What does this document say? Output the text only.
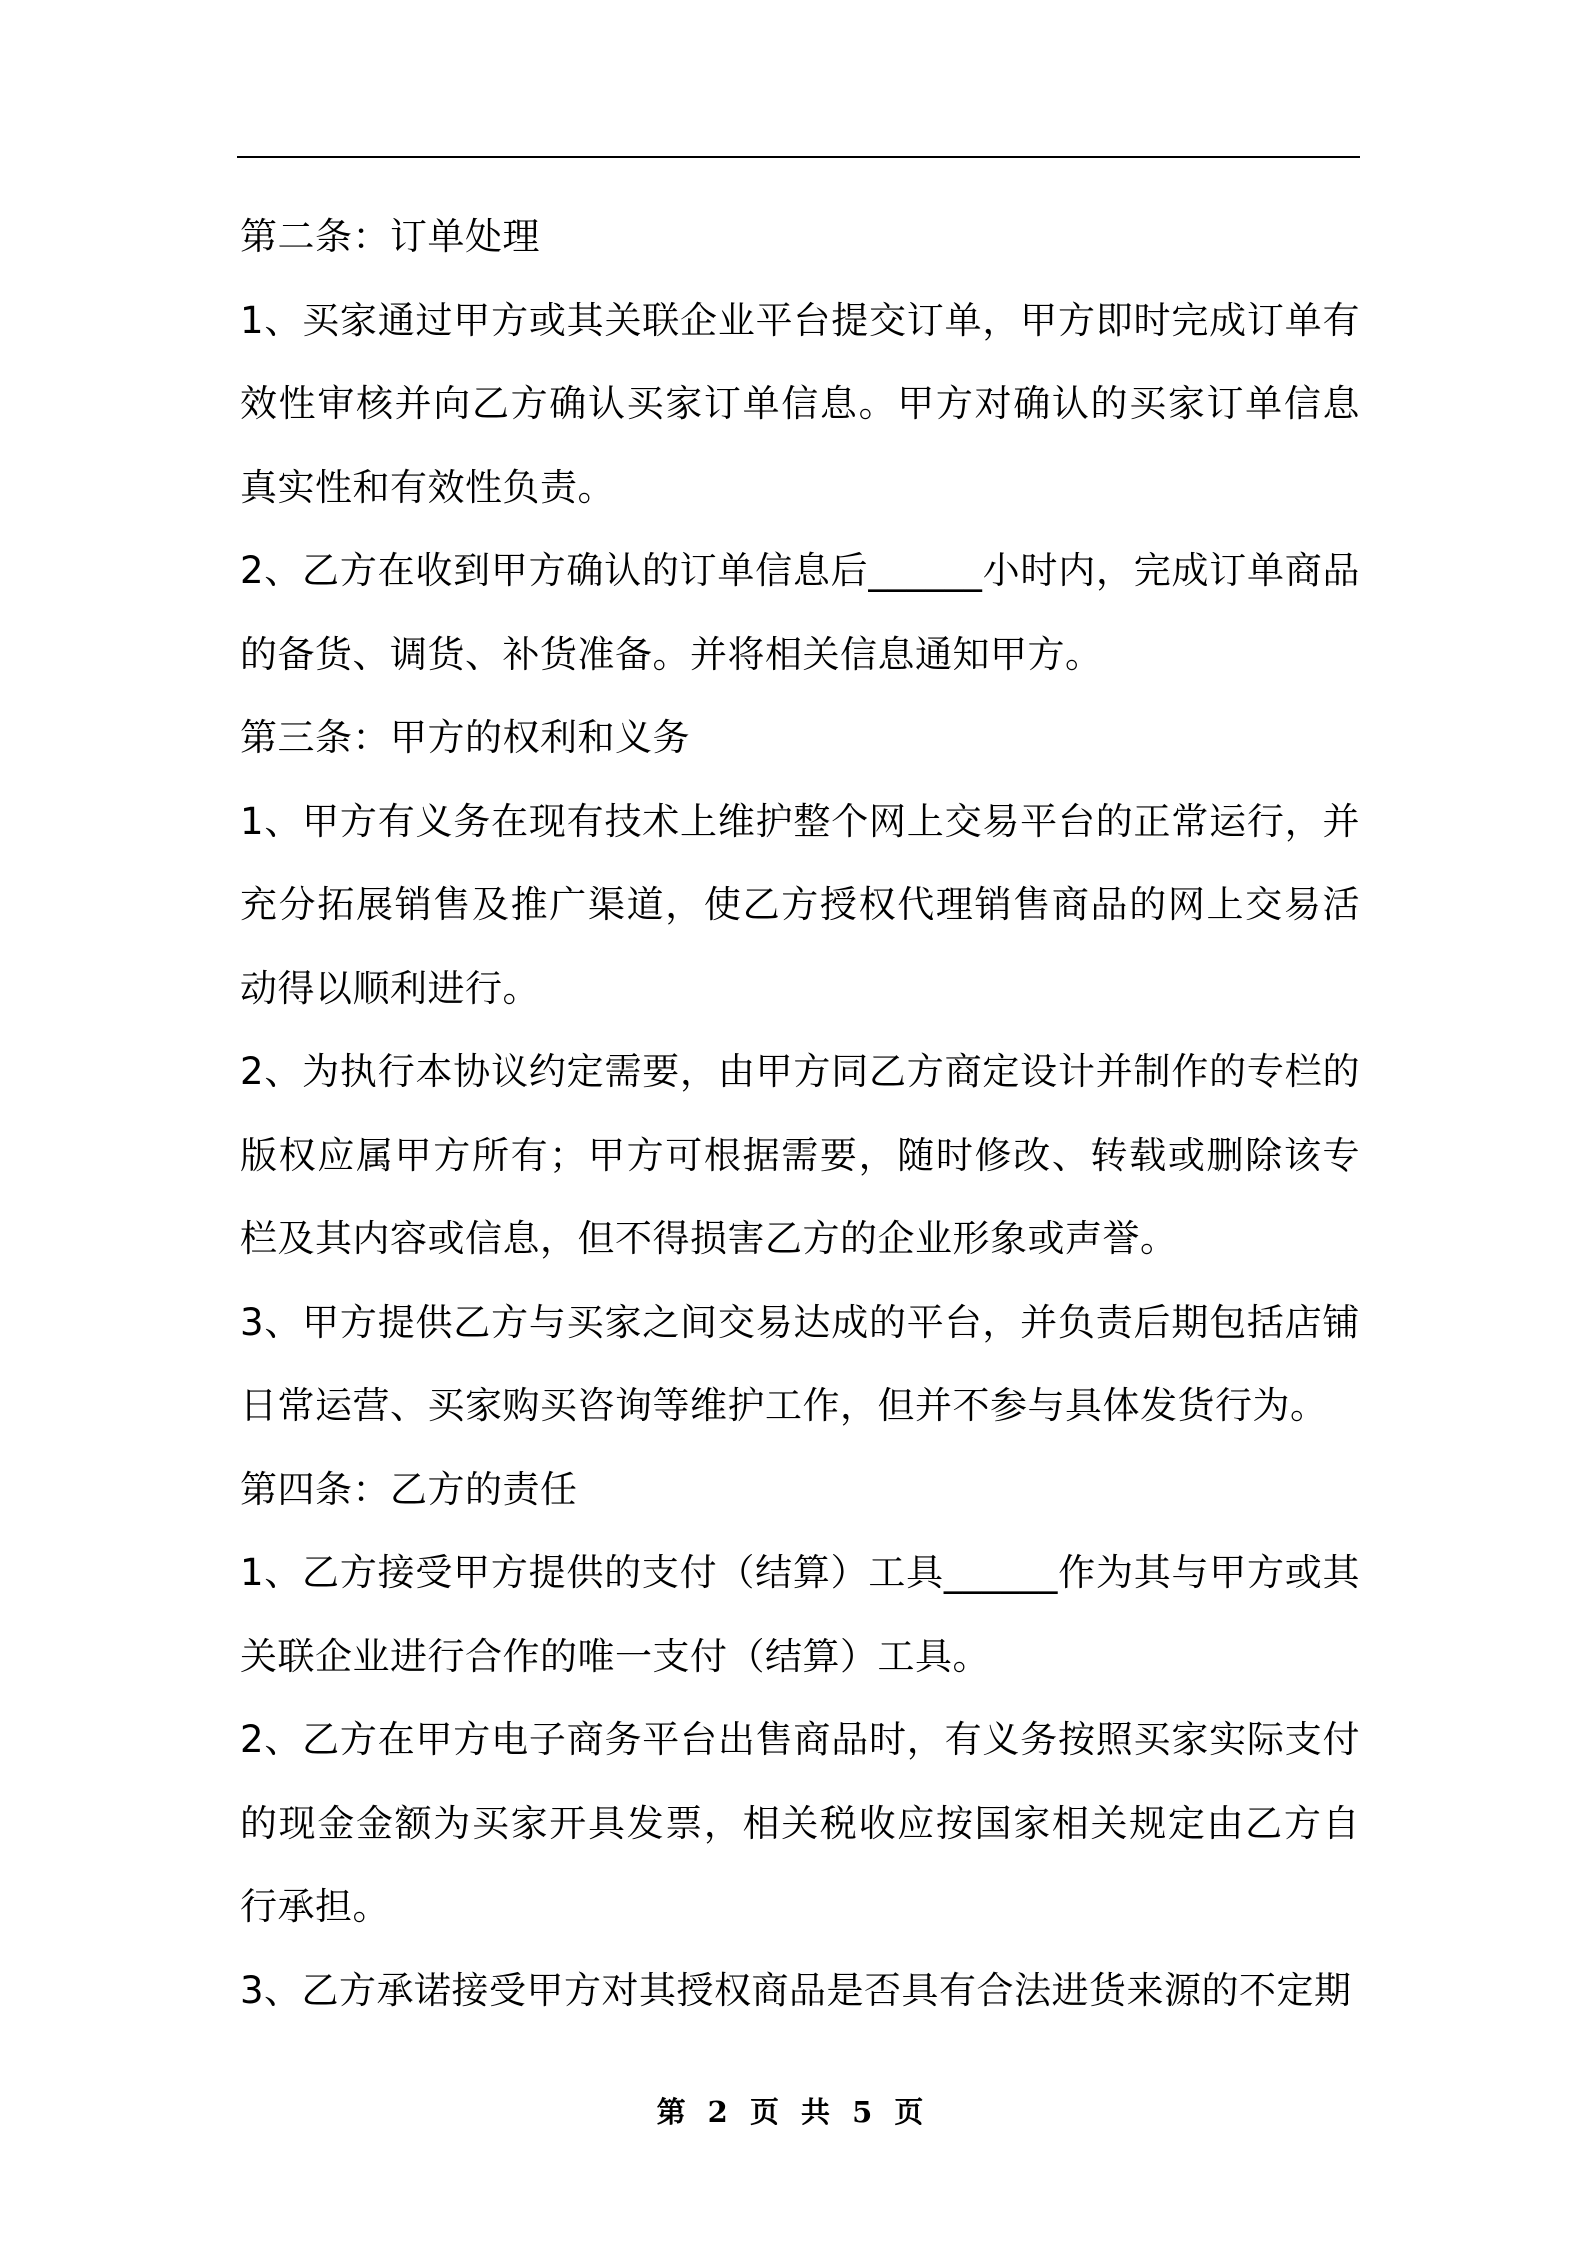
第二条：订单处理

1、买家通过甲方或其关联企业平台提交订单，甲方即时完成订单有效性审核并向乙方确认买家订单信息。甲方对确认的买家订单信息真实性和有效性负责。

2、乙方在收到甲方确认的订单信息后______小时内，完成订单商品的备货、调货、补货准备。并将相关信息通知甲方。

第三条：甲方的权利和义务

1、甲方有义务在现有技术上维护整个网上交易平台的正常运行，并充分拓展销售及推广渠道，使乙方授权代理销售商品的网上交易活动得以顺利进行。

2、为执行本协议约定需要，由甲方同乙方商定设计并制作的专栏的版权应属甲方所有；甲方可根据需要，随时修改、转载或删除该专栏及其内容或信息，但不得损害乙方的企业形象或声誉。

3、甲方提供乙方与买家之间交易达成的平台，并负责后期包括店铺日常运营、买家购买咨询等维护工作，但并不参与具体发货行为。

第四条：乙方的责任

1、乙方接受甲方提供的支付（结算）工具______作为其与甲方或其关联企业进行合作的唯一支付（结算）工具。

2、乙方在甲方电子商务平台出售商品时，有义务按照买家实际支付的现金金额为买家开具发票，相关税收应按国家相关规定由乙方自行承担。

3、乙方承诺接受甲方对其授权商品是否具有合法进货来源的不定期

第 2 页 共 5 页
